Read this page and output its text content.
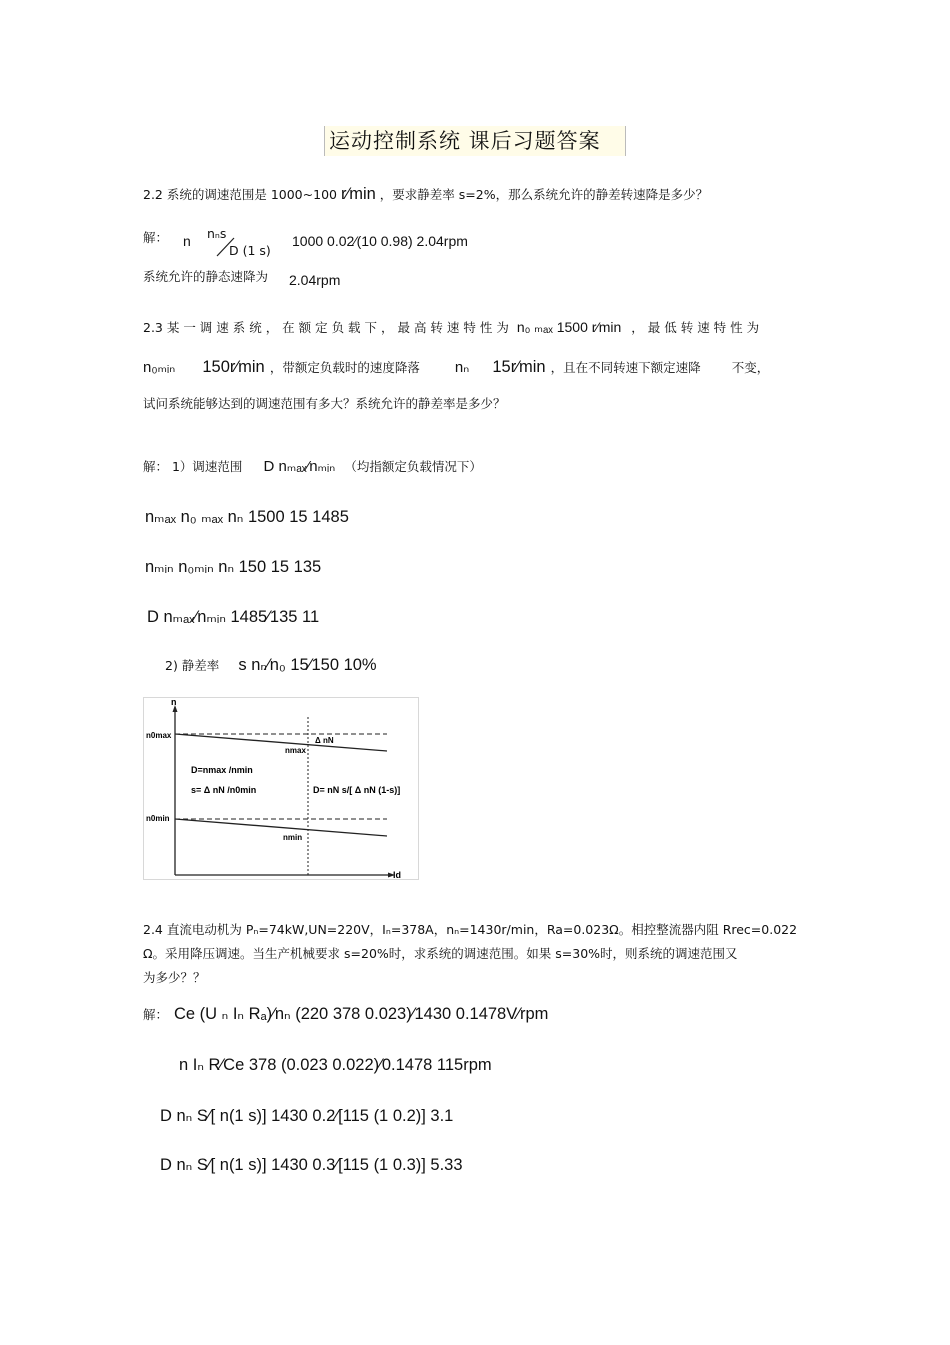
运动控制系统 课后习题答案
2.2 系统的调速范围是 1000~100 r⁄min ，要求静差率 s=2%，那么系统允许的静差转速降是多少？
解： n nₙs
D (1 s)
1000 0.02⁄(10 0.98) 2.04rpm
系统允许的静态速降为 2.04rpm
2.3 某 一 调 速 系 统 ， 在 额 定 负 载 下 ， 最 高 转 速 特 性 为 n₀ ₘₐₓ 1500 r⁄min ， 最 低 转 速 特 性 为
n₀ₘᵢₙ 150r⁄min ，带额定负载时的速度降落 nₙ 15r⁄min ，且在不同转速下额定速降 不变，
试问系统能够达到的调速范围有多大？系统允许的静差率是多少？
解： 1）调速范围 D nₘₐₓ⁄nₘᵢₙ （均指额定负载情况下）
nₘₐₓ n₀ ₘₐₓ nₙ 1500 15 1485
nₘᵢₙ n₀ₘᵢₙ nₙ 150 15 135
D nₘₐₓ⁄nₘᵢₙ 1485⁄135 11
2) 静差率 s nₙ⁄n₀ 15⁄150 10%
n
Id
n0max
nmax
Δ nN
D=nmax /nmin
s= Δ nN /n0min	D= nN s/[ Δ nN (1-s)]
n0min
nmin
2.4 直流电动机为 Pₙ=74kW,UN=220V，Iₙ=378A，nₙ=1430r/min，Ra=0.023Ω。相控整流器内阻 Rrec=0.022
Ω。采用降压调速。当生产机械要求 s=20%时，求系统的调速范围。如果 s=30%时，则系统的调速范围又
为多少？？
解： Ce (U ₙ Iₙ Rₐ)⁄nₙ (220 378 0.023)⁄1430 0.1478V⁄rpm
n Iₙ R⁄Ce 378 (0.023 0.022)⁄0.1478 115rpm
D nₙ S⁄[ n(1 s)] 1430 0.2⁄[115 (1 0.2)] 3.1
D nₙ S⁄[ n(1 s)] 1430 0.3⁄[115 (1 0.3)] 5.33
